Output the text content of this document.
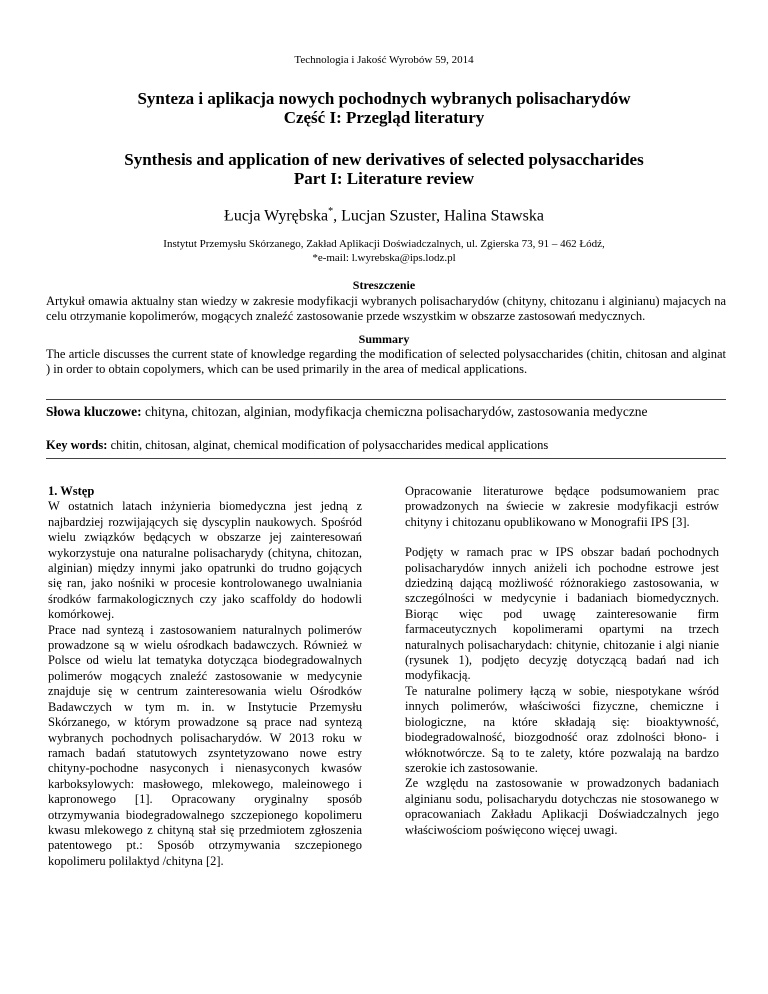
Technologia i Jakość Wyrobów 59, 2014
Synteza i aplikacja nowych pochodnych wybranych polisacharydów
Część I: Przegląd literatury
Synthesis and application of new derivatives of selected polysaccharides
Part I: Literature review
Łucja Wyrębska*, Lucjan Szuster, Halina Stawska
Instytut Przemysłu Skórzanego, Zakład Aplikacji Doświadczalnych, ul. Zgierska 73, 91 – 462 Łódź,
*e-mail: l.wyrebska@ips.lodz.pl
Streszczenie
Artykuł omawia aktualny stan wiedzy w zakresie modyfikacji wybranych polisacharydów (chityny, chitozanu i alginianu) majacych na celu otrzymanie kopolimerów, mogących znaleźć zastosowanie przede wszystkim w obszarze zastosowań medycznych.
Summary
The article discusses the current state of knowledge regarding the modification of selected polysaccharides (chitin, chitosan and alginat ) in order to obtain copolymers, which can be used primarily in the area of medical applications.
Słowa kluczowe: chityna, chitozan, alginian, modyfikacja chemiczna polisacharydów, zastosowania medyczne
Key words: chitin, chitosan, alginat, chemical modification of polysaccharides medical applications

1. Wstęp

W ostatnich latach inżynieria biomedyczna jest jedną z najbardziej rozwijających się dyscyplin naukowych. Spośród wielu związków będących w obszarze jej zainteresowań wykorzystuje ona naturalne polisacharydy (chityna, chitozan, alginian) między innymi jako opatrunki do trudno gojących się ran, jako nośniki w procesie kontrolowanego uwalniania środków farmakologicznych czy jako scaffoldy do hodowli komórkowej.

Prace nad syntezą i zastosowaniem naturalnych polimerów prowadzone są w wielu ośrodkach badawczych. Również w Polsce od wielu lat tematyka dotycząca biodegradowalnych polimerów mogących znaleźć zastosowanie w medycynie znajduje się w centrum zainteresowania wielu Ośrodków Badawczych w tym m. in. w Instytucie Przemysłu Skórzanego, w którym prowadzone są prace nad syntezą wybranych pochodnych polisacharydów. W 2013 roku w ramach badań statutowych zsyntetyzowano nowe estry chityny-pochodne nasyconych i nienasyconych kwasów karboksylowych: masłowego, mlekowego, maleinowego i kapronowego [1]. Opracowany oryginalny sposób otrzymywania biodegradowalnego szczepionego kopolimeru kwasu mlekowego z chityną stał się przedmiotem zgłoszenia patentowego pt.: Sposób otrzymywania szczepionego kopolimeru polilaktyd /chityna [2].

Opracowanie literaturowe będące podsumowaniem prac prowadzonych na świecie w zakresie modyfikacji estrów chityny i chitozanu opublikowano w Monografii IPS [3].

Podjęty w ramach prac w IPS obszar badań pochodnych polisacharydów innych aniżeli ich pochodne estrowe jest dziedziną dającą możliwość różnorakiego zastosowania, w szczególności w medycynie i badaniach biomedycznych. Biorąc więc pod uwagę zainteresowanie firm farmaceutycznych kopolimerami opartymi na trzech naturalnych polisacharydach: chitynie, chitozanie i algi nianie (rysunek 1), podjęto decyzję dotyczącą badań nad ich modyfikacją.

Te naturalne polimery łączą w sobie, niespotykane wśród innych polimerów, właściwości fizyczne, chemiczne i biologiczne, na które składają się: bioaktywność, biodegradowalność, biozgodność oraz zdolności błono- i włóknotwórcze. Są to te zalety, które pozwalają na bardzo szerokie ich zastosowanie.

Ze względu na zastosowanie w prowadzonych badaniach alginianu sodu, polisacharydu dotychczas nie stosowanego w opracowaniach Zakładu Aplikacji Doświadczalnych jego właściwościom poświęcono więcej uwagi.
